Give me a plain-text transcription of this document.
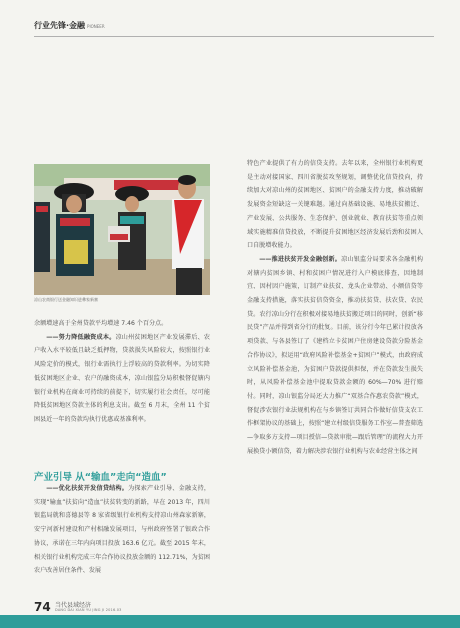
行业先锋·金融 PIONEER
凉山农商银行送金融知识进彝家新寨

余额增速高于全州贷款平均增速 7.46 个百分点。

——努力降低融资成本。凉山州贫困地区产业发展滞后、农户收入水平较低且缺乏抵押物，贷款损失风险较大，按照银行业风险定价的模式，银行业需执行上浮较高的贷款利率。为切实降低贫困地区企业、农户的融资成本，凉山银监分局积极督促辖内银行业机构在商业可持续的前提下，切实履行社会责任，尽可能降低贫困地区贷款主体的利息支出。截至 6 月末，全州 11 个贫困县近一年的贷款均执行优惠或基准利率。

产业引导 从“输血”走向“造血”

——优化扶贫开发信贷结构。为探索产业引导、金融支持，实现“输血”扶贫向“造血”扶贫转变的新路，早在 2013 年，四川银监局就和喜德县等 8 家省级银行业机构支持凉山州森家新寨，安宁河新村建设和产村相融发展项目，与州政府签署了银政合作协议，承诺在三年内向项目投放 163.6 亿元。截至 2015 年末，相关银行业机构完成三年合作协议投放金额的 112.71%，为贫困农户改善居住条件、发展

特色产业提供了有力的信贷支持。去年以来，全州银行业机构更是主动对接国家、四川省脱贫攻坚规划，调整优化信贷投向，持续加大对凉山州的贫困地区、贫困户的金融支持力度，推动破解发展资金短缺这一关键难题。通过向基础设施、易地扶贫搬迁、产业发展、公共服务、生态保护、创业就业、教育扶贫等重点领域实施精准信贷投放，不断提升贫困地区经济发展后劲和贫困人口自脱增收能力。

——推进扶贫开发金融创新。凉山银监分局要求各金融机构对辖内贫困乡镇、村和贫困户情况进行入户模底排查，因地制宜、因村因户施策，订制产业扶贫、龙头企业带动、小额信贷等金融支持措施，落实扶贫信贷资金，推动扶贫贷、扶农贷、农民贷。农行凉山分行在积极对接易地扶贫搬迁项目的同时，创新“移民贷”产品并得到省分行的批复。目前，该分行今年已累计投放各项贷款、与各县签订了《建档立卡贫困户住房建设贷款分险基金合作协议》，拟运用“政府风险补偿基金+贫困户”模式，由政府成立风险补偿基金池，为贫困户贷款提供担保，并在贷款发生损失时，从风险补偿基金池中提取贷款金额的 60%—70% 进行赔付。同时，凉山银监分局还大力推广“双基合作惠农贷款”模式，督促涉农银行业法规机构在与乡镇签订共同合作做好信贷支农工作框架协议的基础上，按照“建立村级信贷服务工作室—普查筛选—争取多方支持—项目授信—贷款审批—跟后管理”的流程大力开展换贷小额信贷，着力解决涉农银行业机构与农业经营主体之间

74 当代县域经济
DANG DAI XIAN YU JING JI 2016.03
